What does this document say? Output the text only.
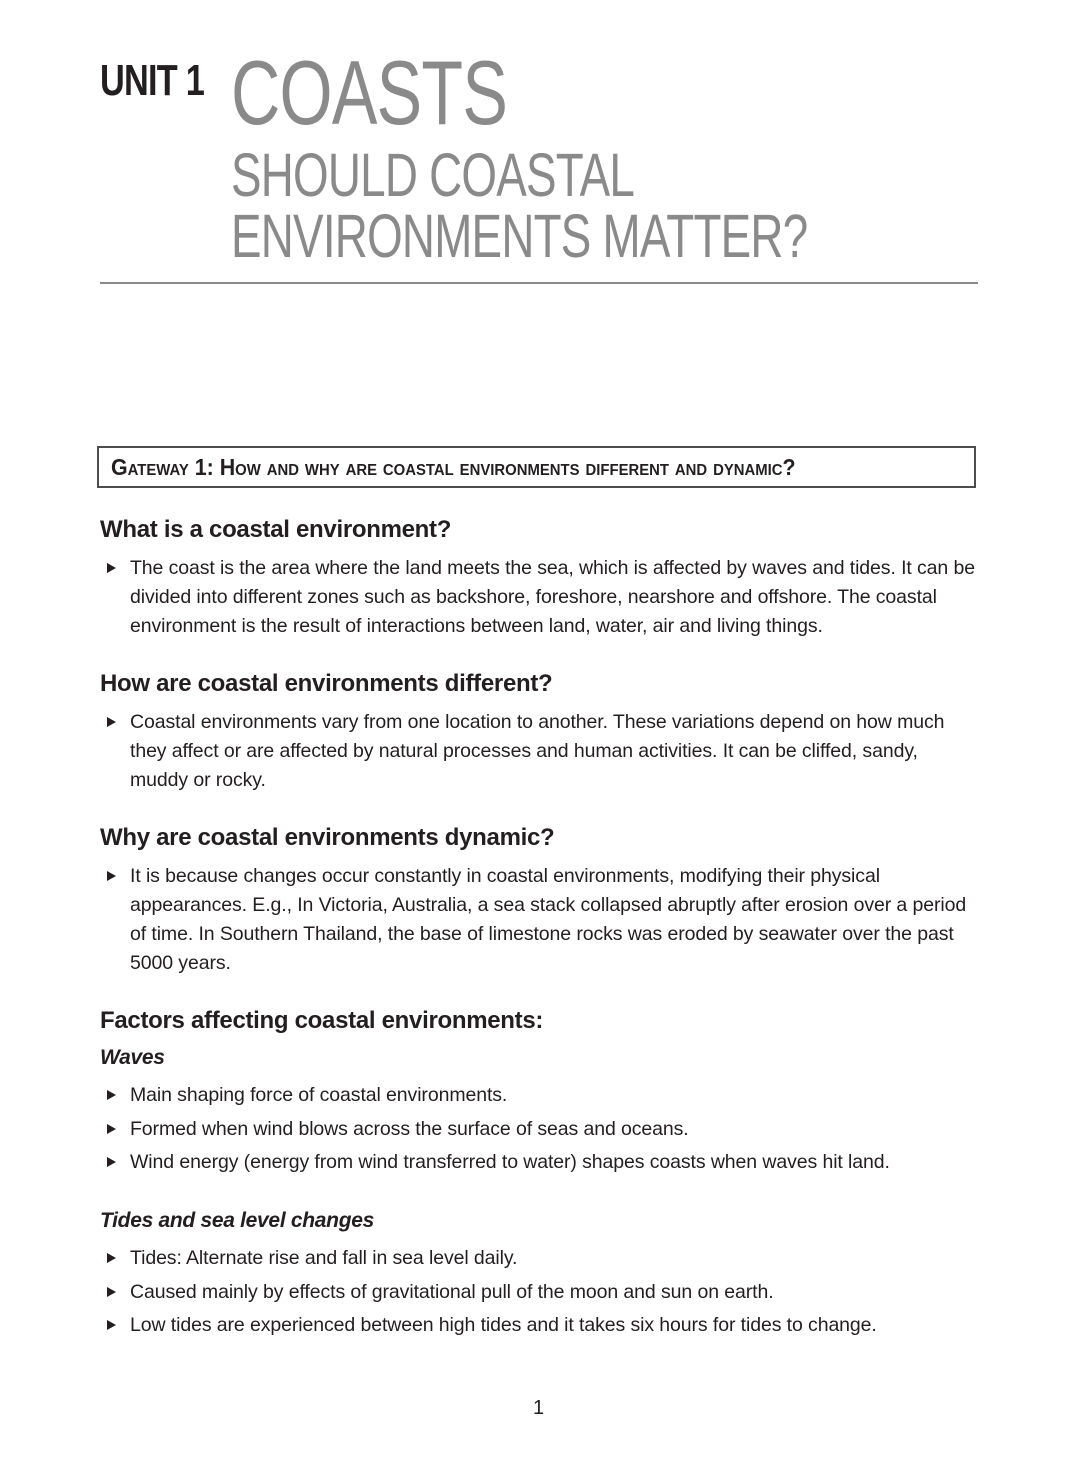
UNIT 1 COASTS
SHOULD COASTAL
ENVIRONMENTS MATTER?
Gateway 1: How and why are coastal environments different and dynamic?
What is a coastal environment?
The coast is the area where the land meets the sea, which is affected by waves and tides. It can be divided into different zones such as backshore, foreshore, nearshore and offshore. The coastal environment is the result of interactions between land, water, air and living things.
How are coastal environments different?
Coastal environments vary from one location to another. These variations depend on how much they affect or are affected by natural processes and human activities. It can be cliffed, sandy, muddy or rocky.
Why are coastal environments dynamic?
It is because changes occur constantly in coastal environments, modifying their physical appearances. E.g., In Victoria, Australia, a sea stack collapsed abruptly after erosion over a period of time. In Southern Thailand, the base of limestone rocks was eroded by seawater over the past 5000 years.
Factors affecting coastal environments:
Waves
Main shaping force of coastal environments.
Formed when wind blows across the surface of seas and oceans.
Wind energy (energy from wind transferred to water) shapes coasts when waves hit land.
Tides and sea level changes
Tides: Alternate rise and fall in sea level daily.
Caused mainly by effects of gravitational pull of the moon and sun on earth.
Low tides are experienced between high tides and it takes six hours for tides to change.
1
